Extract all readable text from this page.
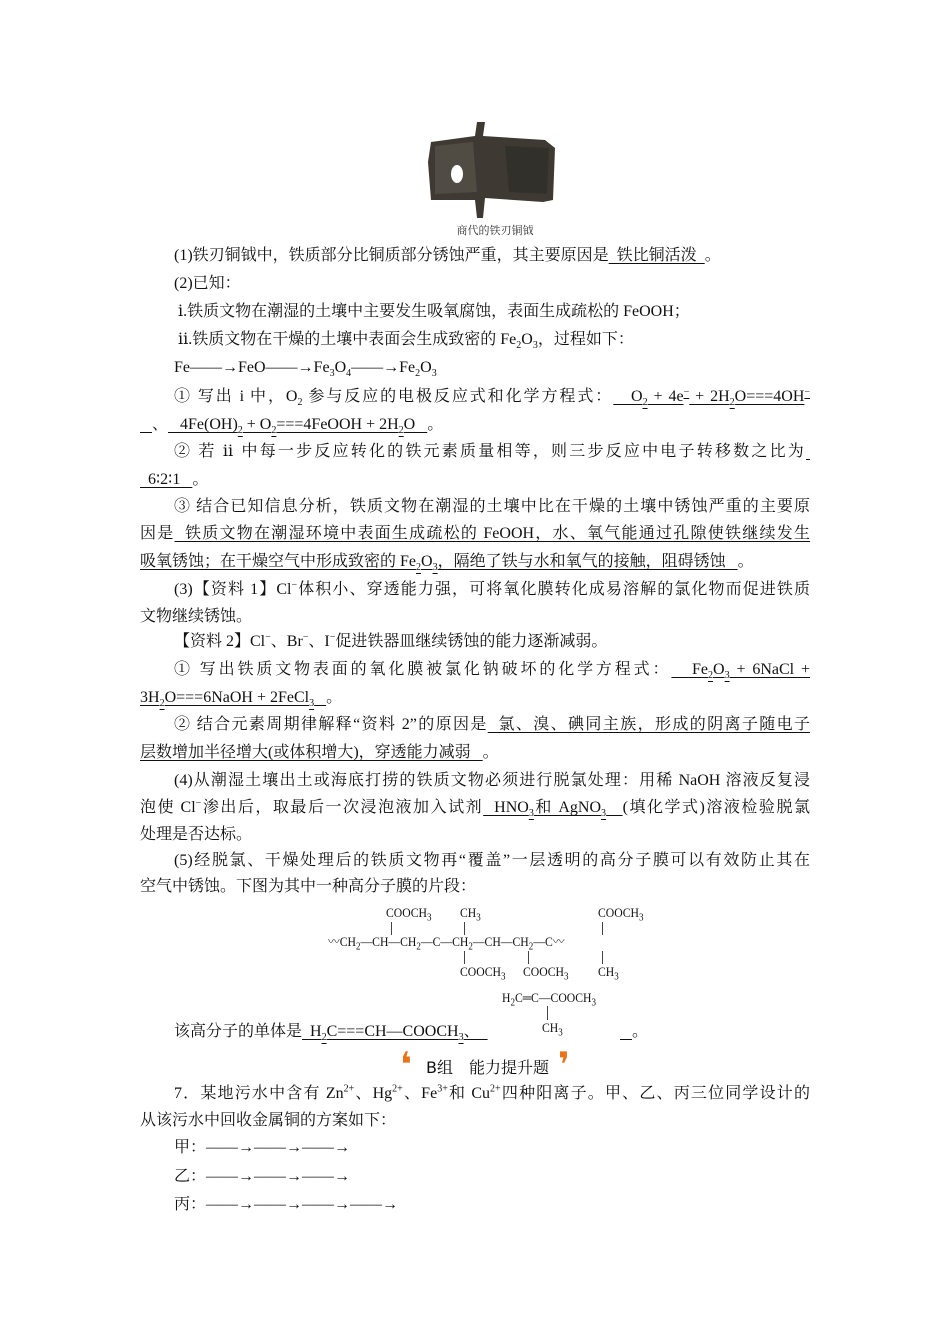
商代的铁刃铜钺
(1)铁刃铜钺中，铁质部分比铜质部分锈蚀严重，其主要原因是  铁比铜活泼  。
(2)已知：
ⅰ.铁质文物在潮湿的土壤中主要发生吸氧腐蚀，表面生成疏松的 FeOOH；
ⅱ.铁质文物在干燥的土壤中表面会生成致密的 $Fe_2O_3$，过程如下：
$Fe——\to FeO——\to Fe_3O_4——\to Fe_2O_3$
① 写出 i 中，$O_2$ 参与反应的电极反应式和化学方程式：   $O_2 + 4e^- + 2H_2O===4OH^-$
、   $4Fe(OH)_2$ + $O_2===4FeOOH + 2H_2O$   。
② 若 ⅱ 中每一步反应转化的铁元素质量相等，则三步反应中电子转移数之比为
6∶2∶1   。
③ 结合已知信息分析，铁质文物在潮湿的土壤中比在干燥的土壤中锈蚀严重的主要原
因是  铁质文物在潮湿环境中表面生成疏松的 FeOOH，水、氧气能通过孔隙使铁继续发生
吸氧锈蚀；在干燥空气中形成致密的 $Fe_2O_3$，隔绝了铁与水和氧气的接触，阻碍锈蚀   。
(3)【资料 1】Cl−体积小、穿透能力强，可将氧化膜转化成易溶解的氯化物而促进铁质
文物继续锈蚀。
【资料 2】Cl−、Br−、I−促进铁器皿继续锈蚀的能力逐渐减弱。
① 写出铁质文物表面的氧化膜被氯化钠破坏的化学方程式：   $Fe_2O_3$ + 6NaCl +
$3H_2O===6NaOH$ + 2FeCl$_3$ 。
② 结合元素周期律解释“资料 2”的原因是  氯、溴、碘同主族，形成的阴离子随电子
层数增加半径增大(或体积增大)，穿透能力减弱   。
(4)从潮湿土壤出土或海底打捞的铁质文物必须进行脱氯处理：用稀 NaOH 溶液反复浸
泡使 Cl−渗出后，取最后一次浸泡液加入试剂  $HNO_3$和 AgNO$_3$ (填化学式)溶液检验脱氯
处理是否达标。
(5)经脱氯、干燥处理后的铁质文物再“覆盖”一层透明的高分子膜可以有效防止其在
空气中锈蚀。下图为其中一种高分子膜的片段：
该高分子的单体是  $H_2C===CH—COOCH_3$、
7．某地污水中含有 $Zn^{2+}$、$Hg^{2+}$、$Fe^{3+}$和 $Cu^{2+}$四种阳离子。甲、乙、丙三位同学设计的
从该污水中回收金属铜的方案如下：
甲：——→——→——→
乙：——→——→——→
丙：——→——→——→——→
$COOCH_3$ $CH_3$	$COOCH_3$
〰$CH_2—CH—CH_2—C—CH_2—CH—CH_2—C$〰
$COOCH_3$ $COOCH_3$ $CH_3$
$H_2C═C—COOCH_3$
$CH_3$	。
❛ B组　能力提升题 ❜
